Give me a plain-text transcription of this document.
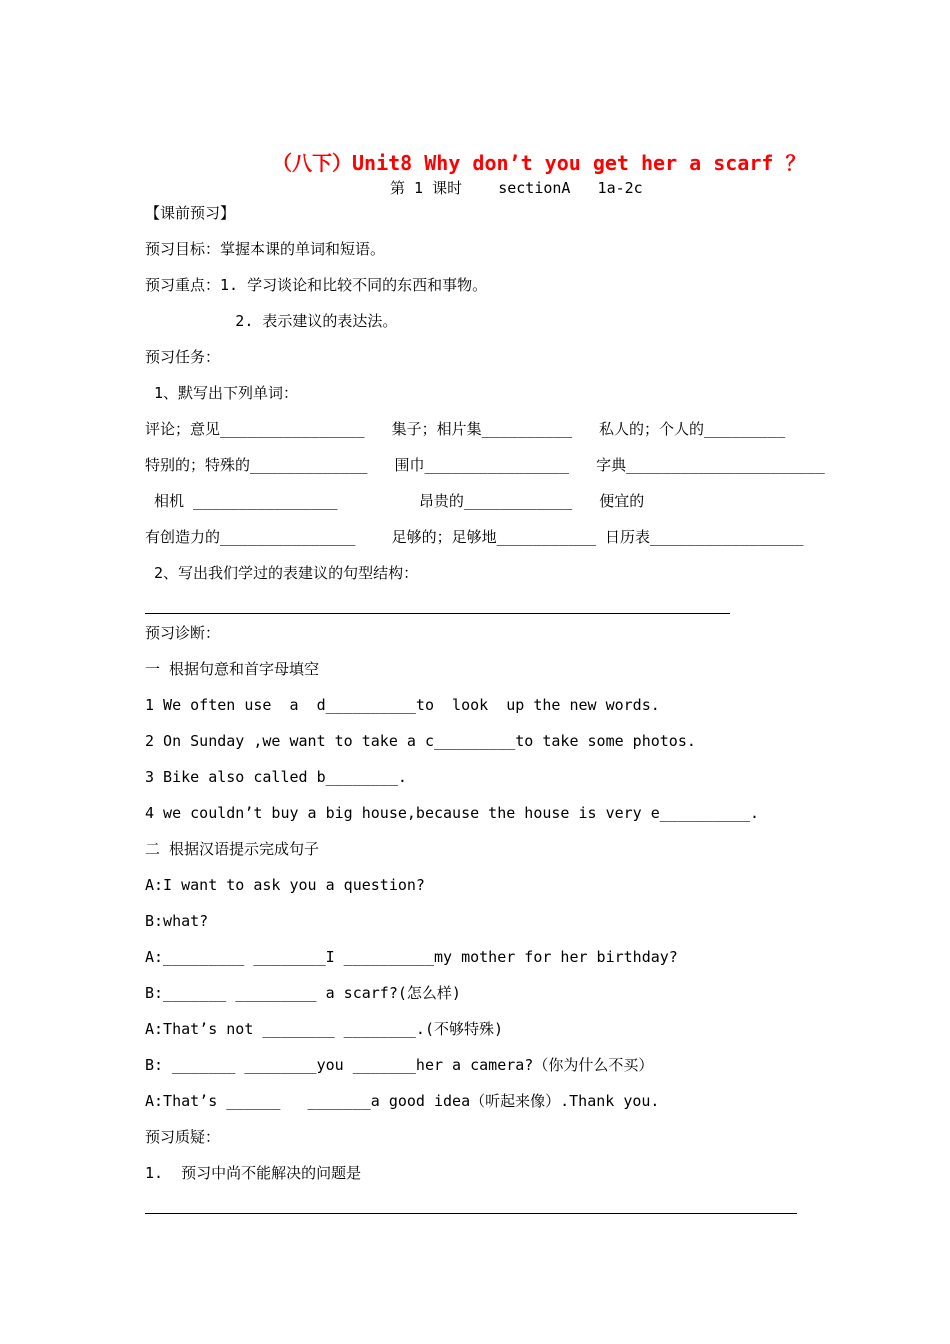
（八下）Unit8 Why don’t you get her a scarf ？
第 1 课时    sectionA   1a-2c
【课前预习】
预习目标：掌握本课的单词和短语。
预习重点：1. 学习谈论和比较不同的东西和事物。
2. 表示建议的表达法。
预习任务：
1、默写出下列单词：
评论；意见________________   集子；相片集__________   私人的；个人的_________
特别的；特殊的_____________   围巾________________   字典______________________
相机 ________________         昂贵的____________   便宜的
有创造力的_______________    足够的；足够地___________ 日历表_________________
2、写出我们学过的表建议的句型结构：
预习诊断：
一 根据句意和首字母填空
1 We often use  a  d__________to  look  up the new words.
2 On Sunday ,we want to take a c_________to take some photos.
3 Bike also called b________.
4 we couldn’t buy a big house,because the house is very e__________.
二 根据汉语提示完成句子
A:I want to ask you a question?
B:what?
A:_________ ________I __________my mother for her birthday?
B:_______ _________ a scarf?(怎么样)
A:That’s not ________ ________.(不够特殊)
B: _______ ________you _______her a camera?（你为什么不买）
A:That’s ______   _______a good idea（听起来像）.Thank you.
预习质疑：
1.  预习中尚不能解决的问题是
